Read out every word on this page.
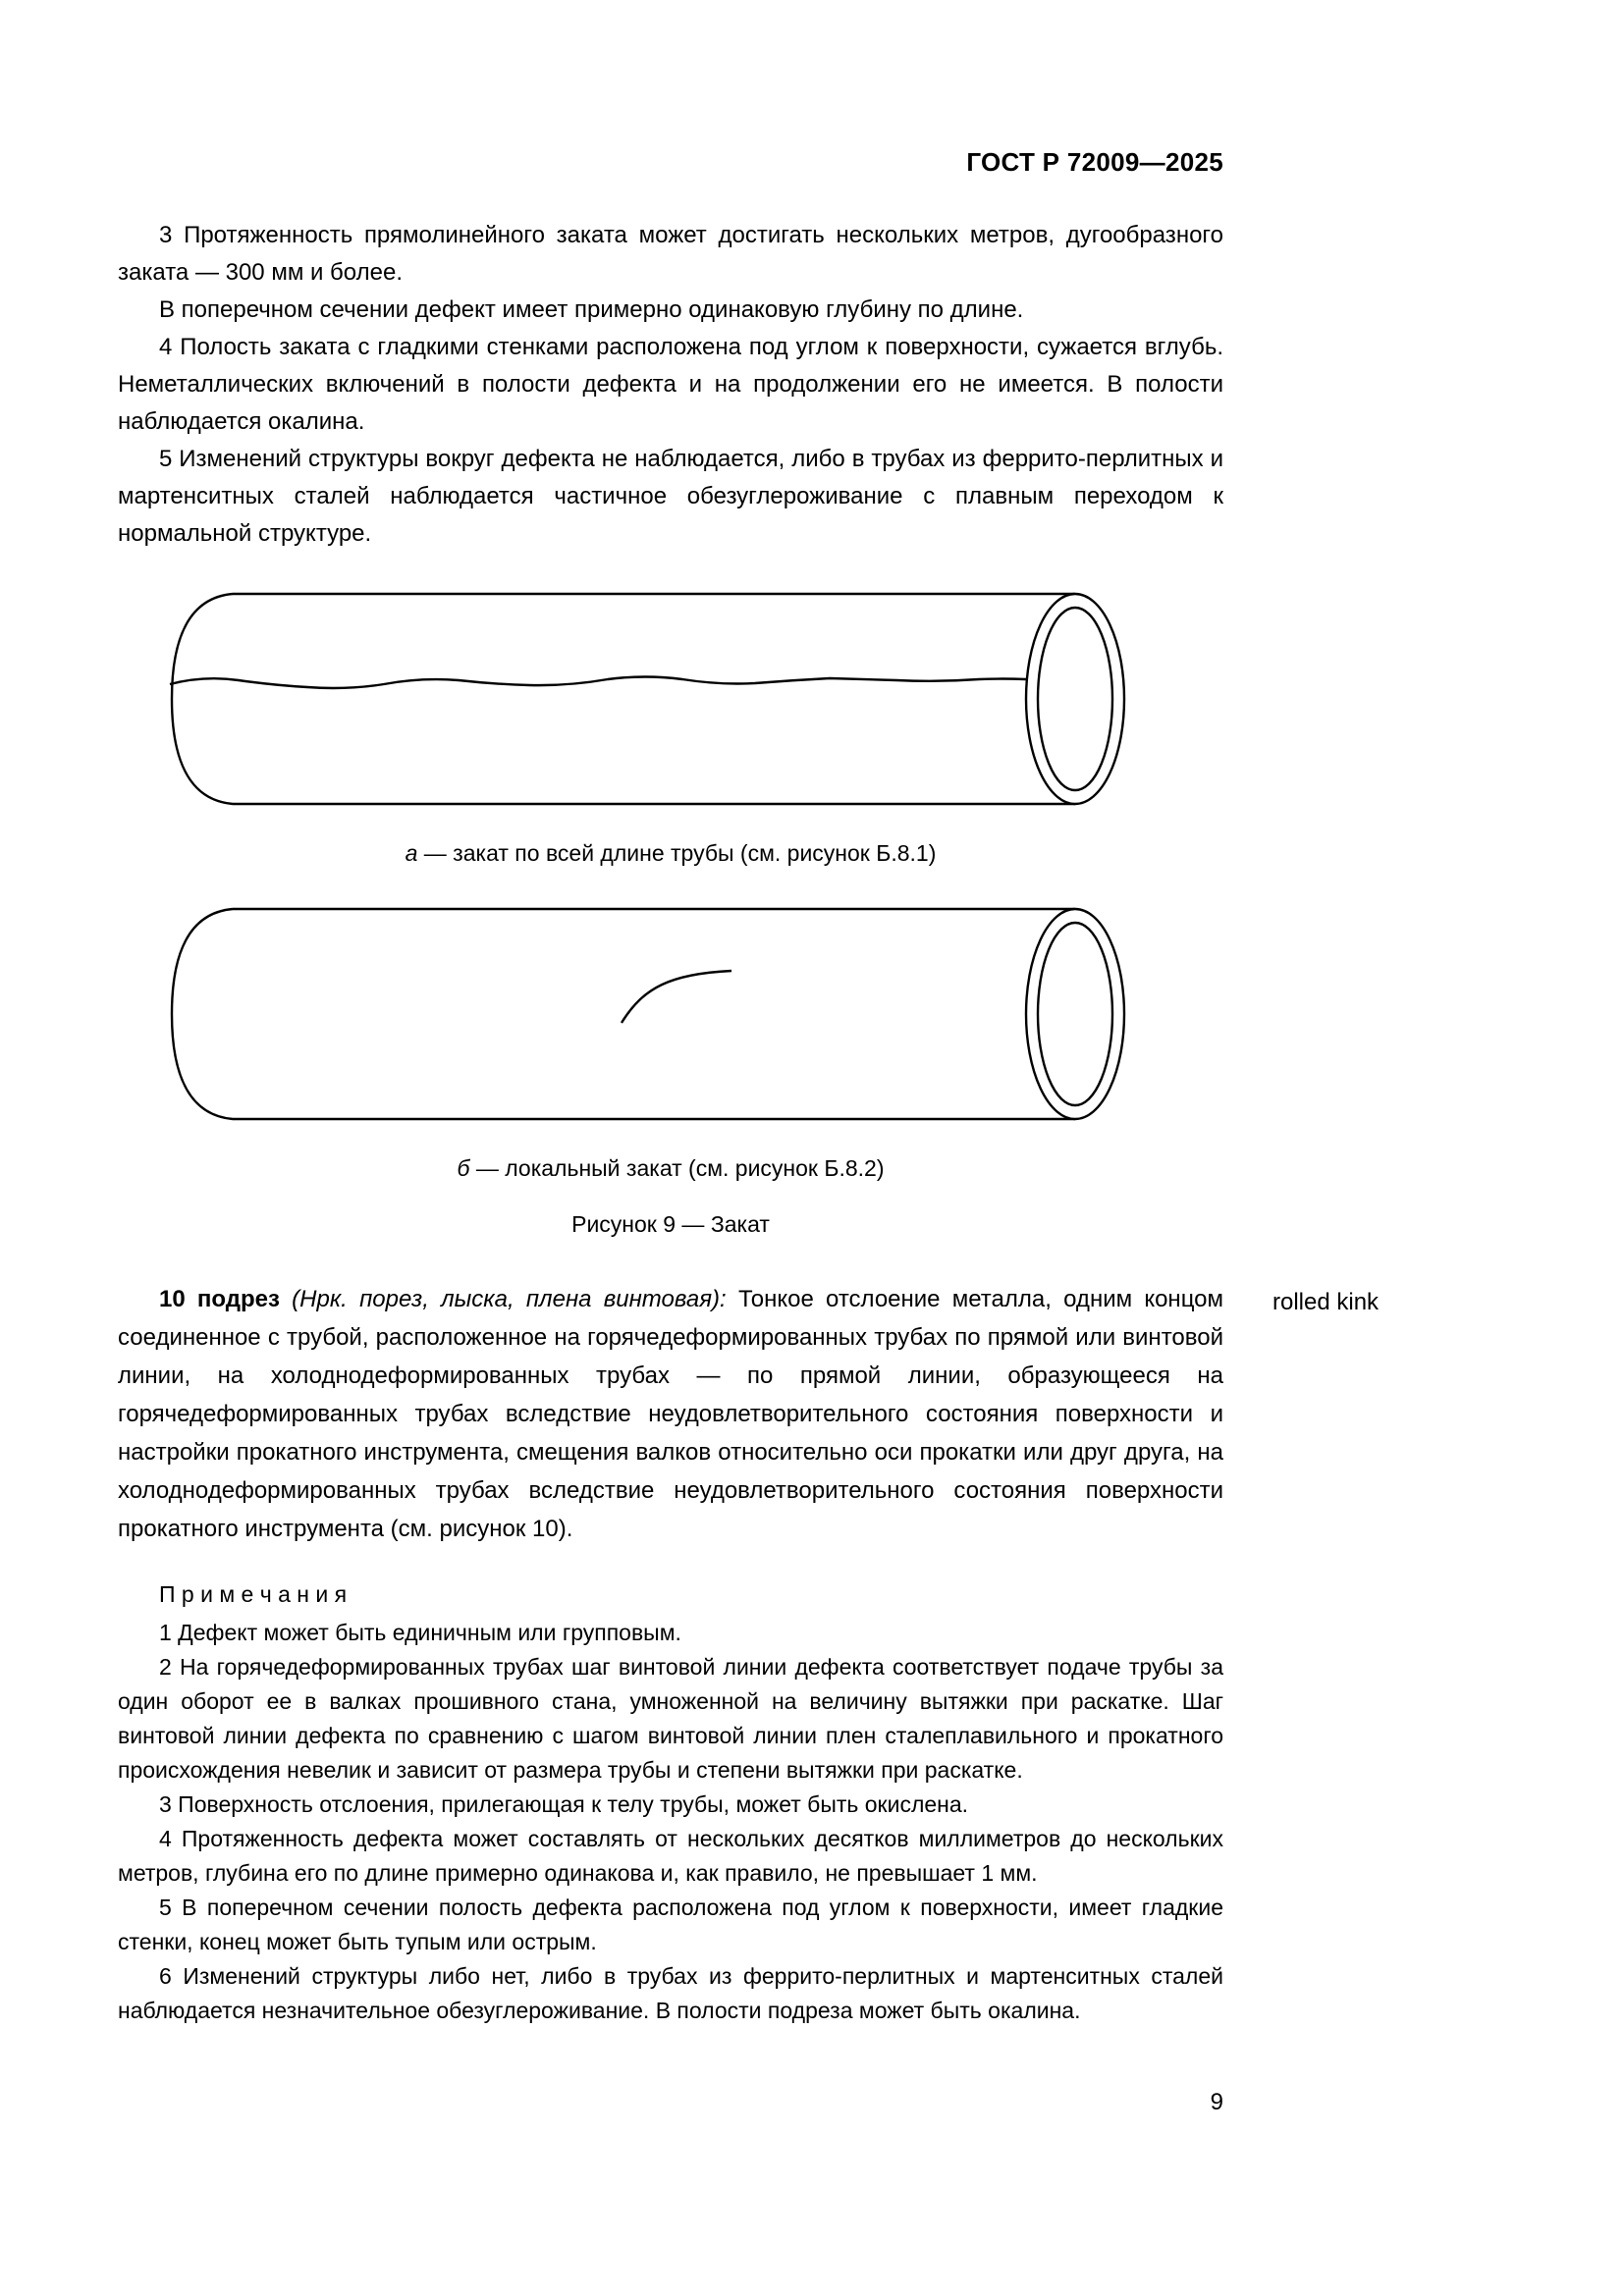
ГОСТ Р 72009—2025

3 Протяженность прямолинейного заката может достигать нескольких метров, дугообразного заката — 300 мм и более.

В поперечном сечении дефект имеет примерно одинаковую глубину по длине.

4 Полость заката с гладкими стенками расположена под углом к поверхности, сужается вглубь. Неметаллических включений в полости дефекта и на продолжении его не имеется. В полости наблюдается окалина.

5 Изменений структуры вокруг дефекта не наблюдается, либо в трубах из феррито-перлитных и мартенситных сталей наблюдается частичное обезуглероживание с плавным переходом к нормальной структуре.

а — закат по всей длине трубы (см. рисунок Б.8.1)
б — локальный закат (см. рисунок Б.8.2)
Рисунок 9 — Закат
10 подрез (Нрк. порез, лыска, плена винтовая): Тонкое отслоение металла, одним концом соединенное с трубой, расположенное на горячедеформированных трубах по прямой или винтовой линии, на холоднодеформированных трубах — по прямой линии, образующееся на горячедеформированных трубах вследствие неудовлетворительного состояния поверхности и настройки прокатного инструмента, смещения валков относительно оси прокатки или друг друга, на холоднодеформированных трубах вследствие неудовлетворительного состояния поверхности прокатного инструмента (см. рисунок 10).
rolled kink

П р и м е ч а н и я

1 Дефект может быть единичным или групповым.

2 На горячедеформированных трубах шаг винтовой линии дефекта соответствует подаче трубы за один оборот ее в валках прошивного стана, умноженной на величину вытяжки при раскатке. Шаг винтовой линии дефекта по сравнению с шагом винтовой линии плен сталеплавильного и прокатного происхождения невелик и зависит от размера трубы и степени вытяжки при раскатке.

3 Поверхность отслоения, прилегающая к телу трубы, может быть окислена.

4 Протяженность дефекта может составлять от нескольких десятков миллиметров до нескольких метров, глубина его по длине примерно одинакова и, как правило, не превышает 1 мм.

5 В поперечном сечении полость дефекта расположена под углом к поверхности, имеет гладкие стенки, конец может быть тупым или острым.

6 Изменений структуры либо нет, либо в трубах из феррито-перлитных и мартенситных сталей наблюдается незначительное обезуглероживание. В полости подреза может быть окалина.

9
